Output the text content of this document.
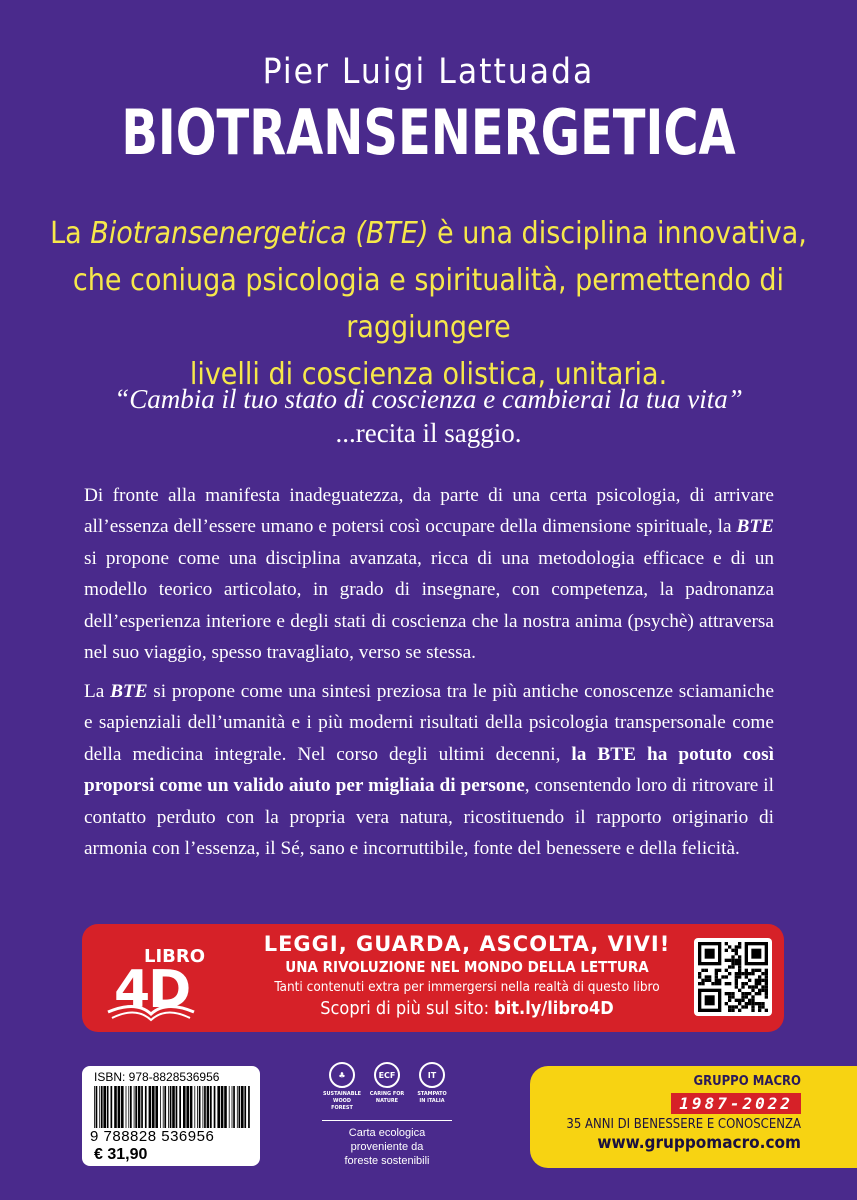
Pier Luigi Lattuada
BIOTRANSENERGETICA
La Biotransenergetica (BTE) è una disciplina innovativa,
che coniuga psicologia e spiritualità, permettendo di raggiungere
livelli di coscienza olistica, unitaria.
“Cambia il tuo stato di coscienza e cambierai la tua vita”
...recita il saggio.
Di fronte alla manifesta inadeguatezza, da parte di una certa psicologia, di arrivare all’essenza dell’essere umano e potersi così occupare della dimensione spirituale, la BTE si propone come una disciplina avanzata, ricca di una metodologia efficace e di un modello teorico articolato, in grado di insegnare, con competenza, la padronanza dell’esperienza interiore e degli stati di coscienza che la nostra anima (psychè) attraversa nel suo viaggio, spesso travagliato, verso se stessa.
La BTE si propone come una sintesi preziosa tra le più antiche conoscenze sciamaniche e sapienziali dell’umanità e i più moderni risultati della psicologia transpersonale come della medicina integrale. Nel corso degli ultimi decenni, la BTE ha potuto così proporsi come un valido aiuto per migliaia di persone, consentendo loro di ritrovare il contatto perduto con la propria vera natura, ricostituendo il rapporto originario di armonia con l’essenza, il Sé, sano e incorruttibile, fonte del benessere e della felicità.
LIBRO
4D
LEGGI, GUARDA, ASCOLTA, VIVI!
UNA RIVOLUZIONE NEL MONDO DELLA LETTURA
Tanti contenuti extra per immergersi nella realtà di questo libro
Scopri di più sul sito: bit.ly/libro4D
ISBN: 978-8828536956
9 788828 536956
€ 31,90
♣
SUSTAINABLE
WOOD FOREST
ECF
CARING FOR
NATURE
IT
STAMPATO
IN ITALIA
Carta ecologica
proveniente da
foreste sostenibili
GRUPPO MACRO
1987-2022
35 ANNI DI BENESSERE E CONOSCENZA
www.gruppomacro.com
